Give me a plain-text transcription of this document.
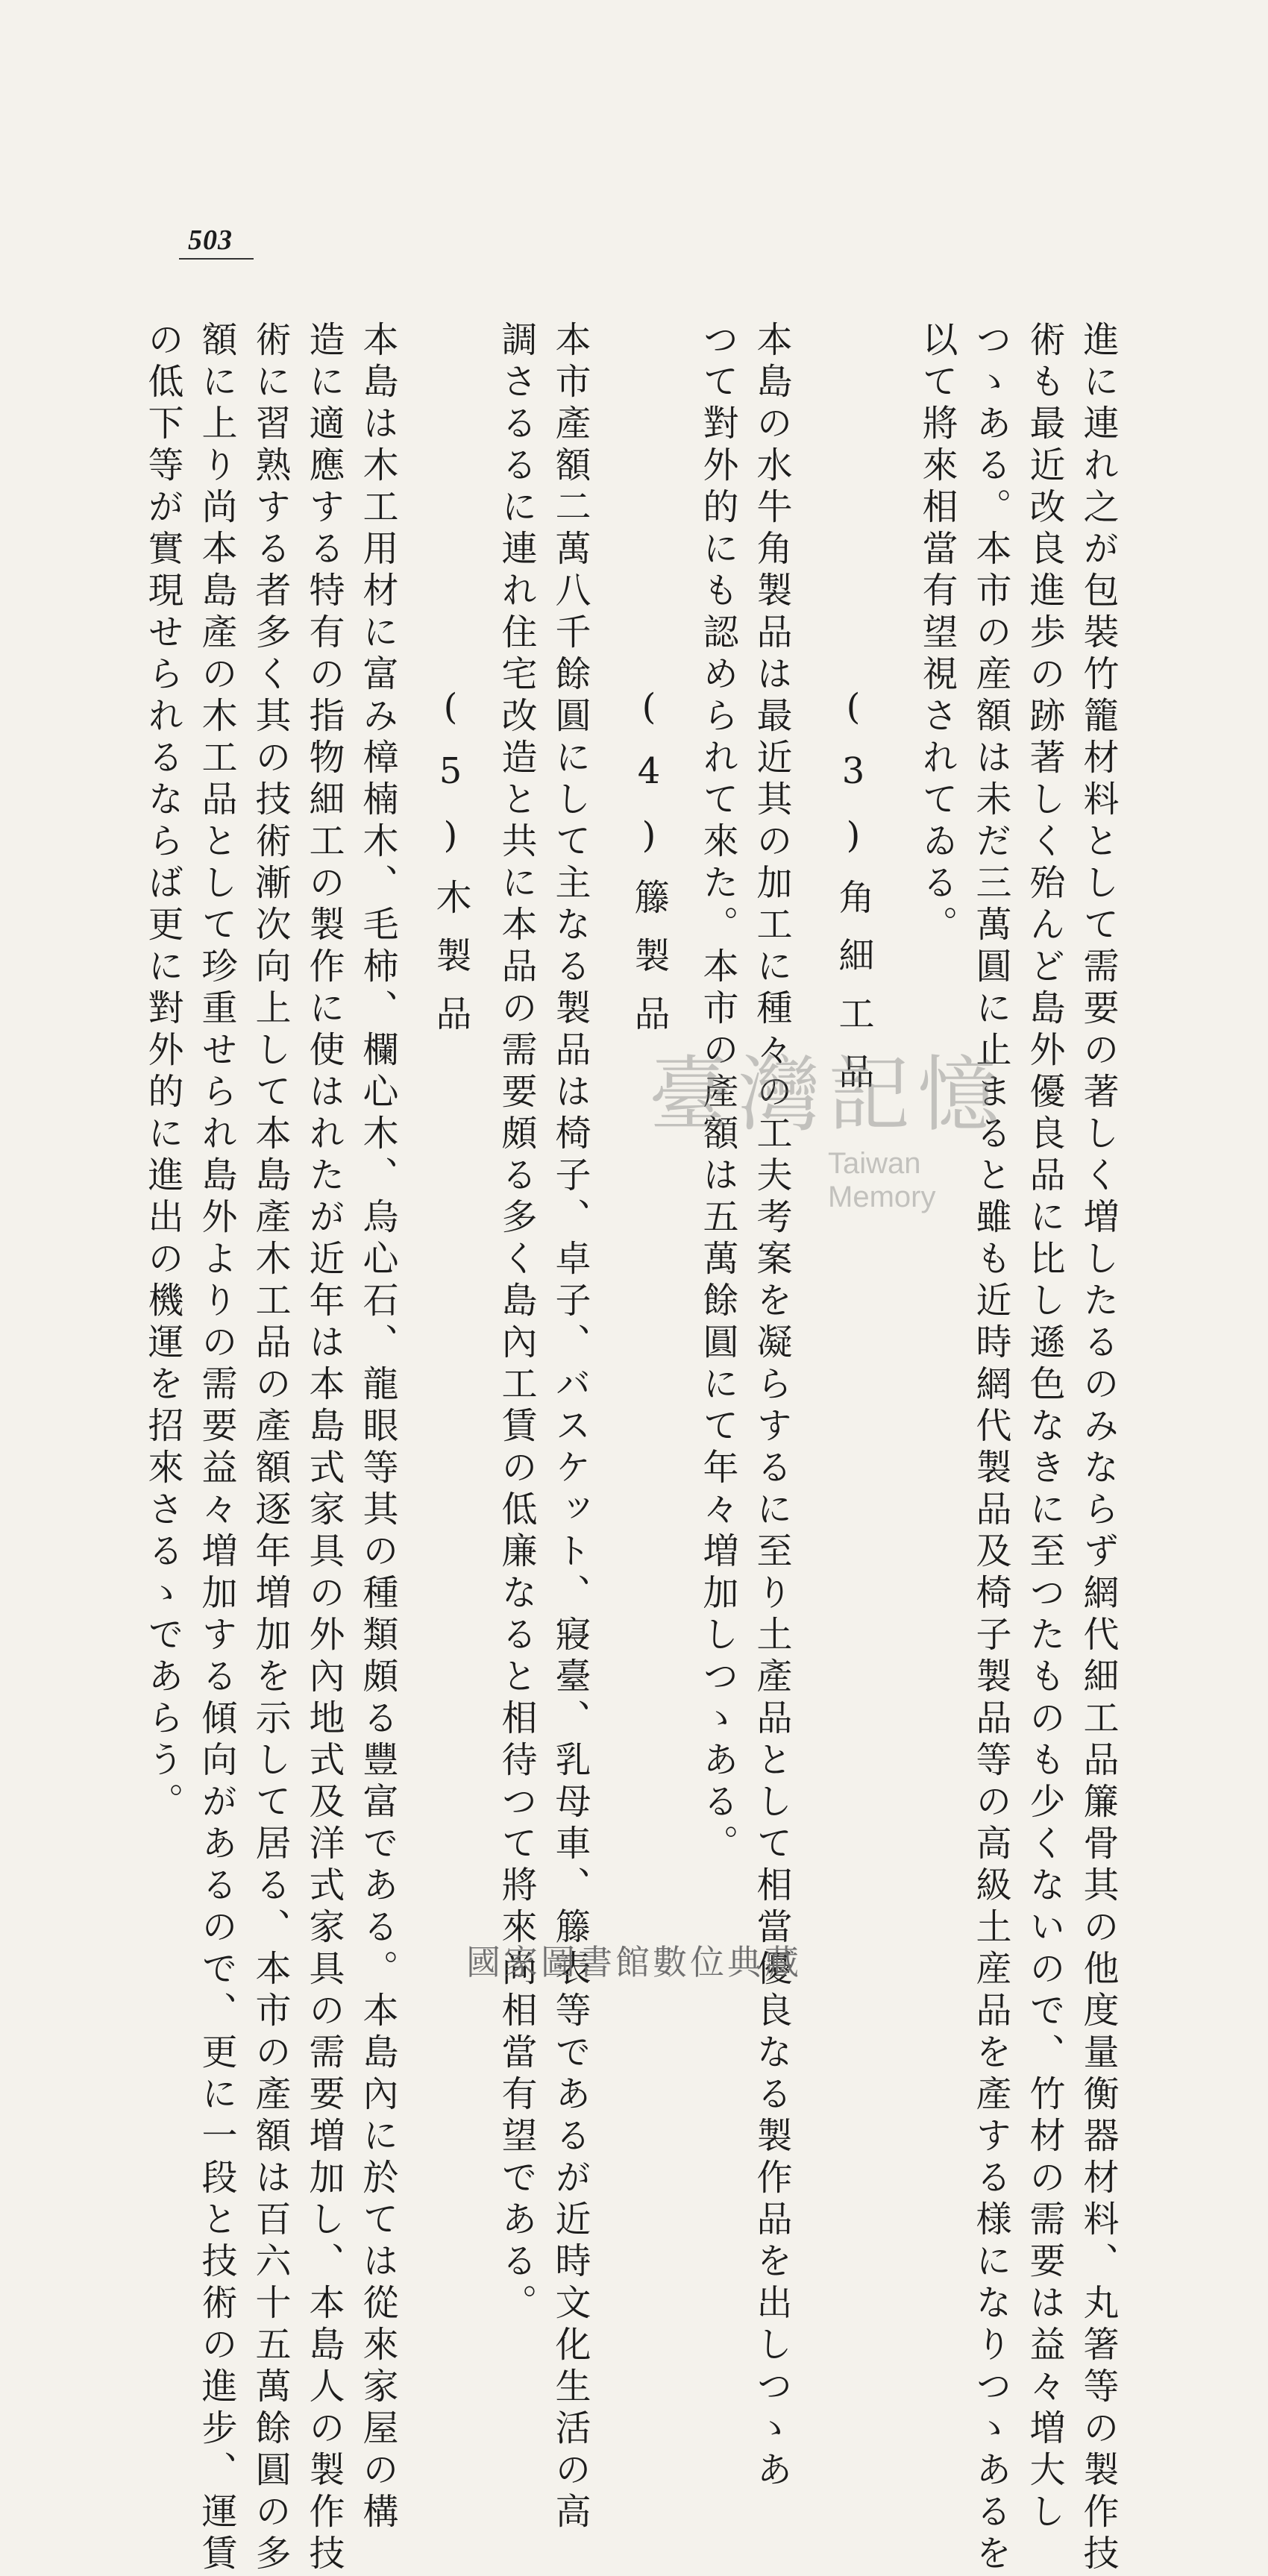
503
進に連れ之が包裝竹籠材料として需要の著しく増したるのみならず網代細工品簾骨其の他度量衡器材料、丸箸等の製作技
術も最近改良進歩の跡著しく殆んど島外優良品に比し遜色なきに至つたものも少くないので、竹材の需要は益々増大し
つゝある。本市の産額は未だ三萬圓に止まると雖も近時網代製品及椅子製品等の高級土産品を產する様になりつゝあるを
以て將來相當有望視されてゐる。
(3)角細工品
本島の水牛角製品は最近其の加工に種々の工夫考案を凝らするに至り土產品として相當優良なる製作品を出しつゝあ
つて對外的にも認められて來た。本市の產額は五萬餘圓にて年々増加しつゝある。
(4)籐製品
本市產額二萬八千餘圓にして主なる製品は椅子、卓子、バスケット、寢臺、乳母車、籐表等であるが近時文化生活の高
調さるるに連れ住宅改造と共に本品の需要頗る多く島內工賃の低廉なると相待つて將來尚相當有望である。
(5)木製品
本島は木工用材に富み樟楠木、毛柿、欄心木、烏心石、龍眼等其の種類頗る豐富である。本島內に於ては從來家屋の構
造に適應する特有の指物細工の製作に使はれたが近年は本島式家具の外內地式及洋式家具の需要増加し、本島人の製作技
術に習熟する者多く其の技術漸次向上して本島產木工品の產額逐年増加を示して居る、本市の產額は百六十五萬餘圓の多
額に上り尚本島產の木工品として珍重せられ島外よりの需要益々増加する傾向があるので、更に一段と技術の進步、運賃
の低下等が實現せられるならば更に對外的に進出の機運を招來さるゝであらう。	臺灣記憶
Taiwan Memory
國家圖書館數位典藏
